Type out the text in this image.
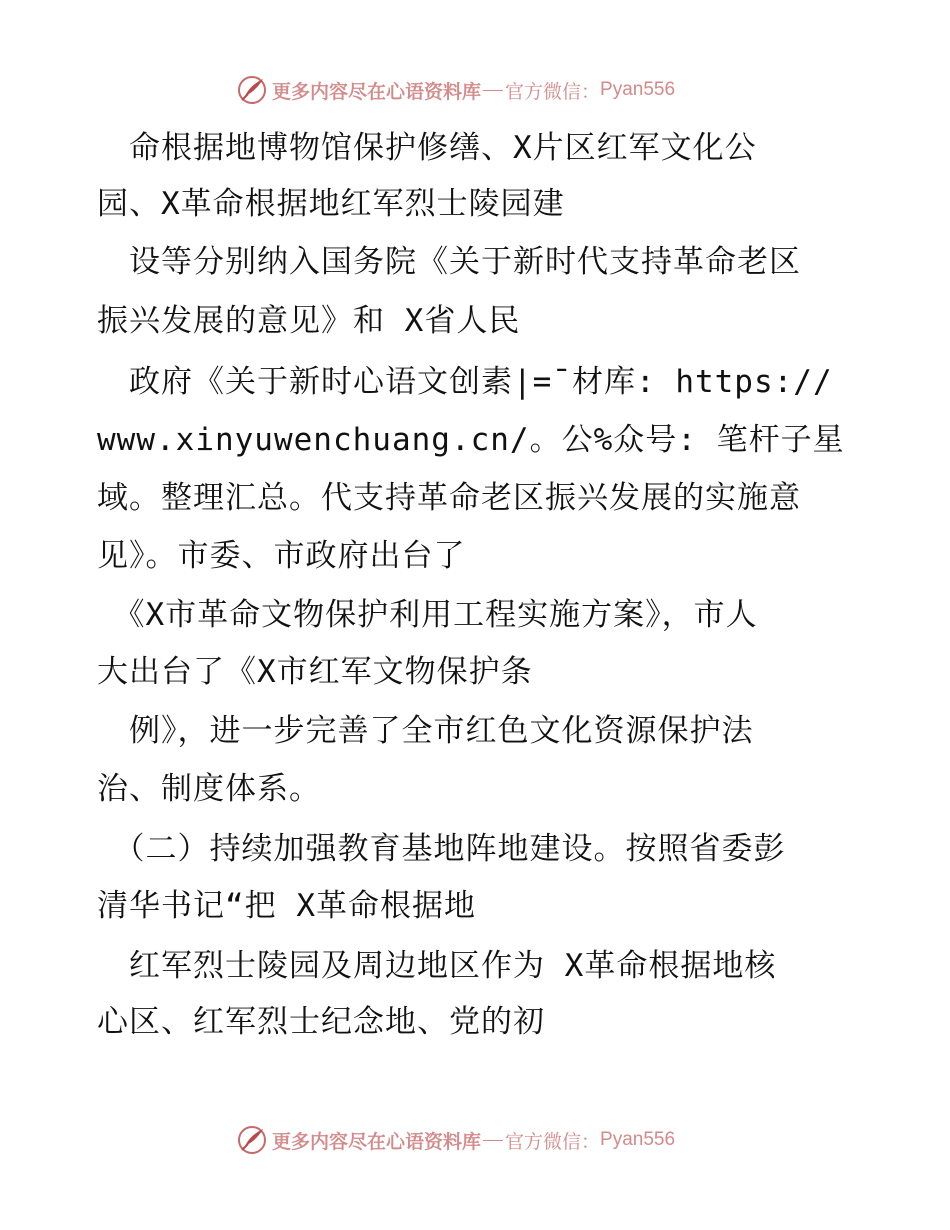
更多内容尽在心语资料库 官方微信： Pyan556
　命根据地博物馆保护修缮、X片区红军文化公
园、X革命根据地红军烈士陵园建
　设等分别纳入国务院《关于新时代支持革命老区
振兴发展的意见》和 X省人民
　政府《关于新时心语文创素|=¯材库: https://
www.xinyuwenchuang.cn/。公%众号: 笔杆子星
域。整理汇总。代支持革命老区振兴发展的实施意
见》。市委、市政府出台了
　《X市革命文物保护利用工程实施方案》，市人
大出台了《X市红军文物保护条
　例》，进一步完善了全市红色文化资源保护法
治、制度体系。
　（二）持续加强教育基地阵地建设。按照省委彭
清华书记“把 X革命根据地
　红军烈士陵园及周边地区作为 X革命根据地核
心区、红军烈士纪念地、党的初
更多内容尽在心语资料库 官方微信： Pyan556
